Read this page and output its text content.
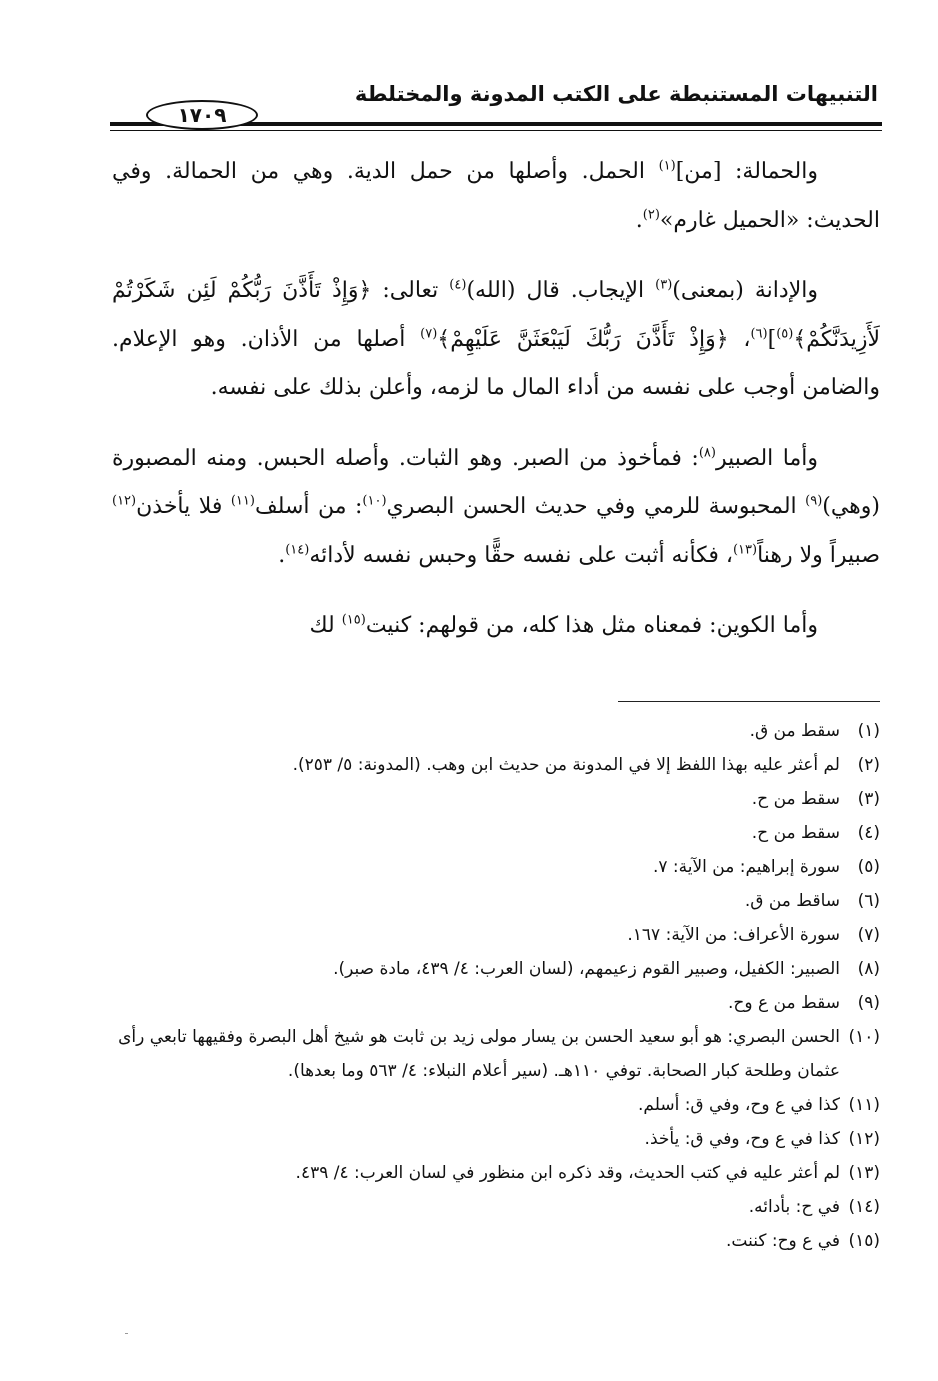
التنبيهات المستنبطة على الكتب المدونة والمختلطة
١٧٠٩

والحمالة: [من]$^{(١)}$ الحمل. وأصلها من حمل الدية. وهي من الحمالة. وفي الحديث: «الحميل غارم»$^{(٢)}$.

والإدانة (بمعنى)$^{(٣)}$ الإيجاب. قال (الله)$^{(٤)}$ تعالى: ﴿وَإِذْ تَأَذَّنَ رَبُّكُمْ لَئِن شَكَرْتُمْ لَأَزِيدَنَّكُمْ﴾$^{(٥)}$]$^{(٦)}$، ﴿وَإِذْ تَأَذَّنَ رَبُّكَ لَيَبْعَثَنَّ عَلَيْهِمْ﴾$^{(٧)}$ أصلها من الأذان. وهو الإعلام. والضامن أوجب على نفسه من أداء المال ما لزمه، وأعلن بذلك على نفسه.

وأما الصبير$^{(٨)}$: فمأخوذ من الصبر. وهو الثبات. وأصله الحبس. ومنه المصبورة (وهي)$^{(٩)}$ المحبوسة للرمي وفي حديث الحسن البصري$^{(١٠)}$: من أسلف$^{(١١)}$ فلا يأخذن$^{(١٢)}$ صبيراً ولا رهناً$^{(١٣)}$، فكأنه أثبت على نفسه حقًّا وحبس نفسه لأدائه$^{(١٤)}$.

وأما الكوين: فمعناه مثل هذا كله، من قولهم: كنيت$^{(١٥)}$ لك

(١)
سقط من ق.
(٢)
لم أعثر عليه بهذا اللفظ إلا في المدونة من حديث ابن وهب. (المدونة: ٥/ ٢٥٣).
(٣)
سقط من ح.
(٤)
سقط من ح.
(٥)
سورة إبراهيم: من الآية: ٧.
(٦)
ساقط من ق.
(٧)
سورة الأعراف: من الآية: ١٦٧.
(٨)
الصبير: الكفيل، وصبير القوم زعيمهم، (لسان العرب: ٤/ ٤٣٩، مادة صبر).
(٩)
سقط من ع وح.
(١٠)
الحسن البصري: هو أبو سعيد الحسن بن يسار مولى زيد بن ثابت هو شيخ أهل البصرة وفقيهها تابعي رأى عثمان وطلحة كبار الصحابة. توفي ١١٠هـ. (سير أعلام النبلاء: ٤/ ٥٦٣ وما بعدها).
(١١)
كذا في ع وح، وفي ق: أسلم.
(١٢)
كذا في ع وح، وفي ق: يأخذ.
(١٣)
لم أعثر عليه في كتب الحديث، وقد ذكره ابن منظور في لسان العرب: ٤/ ٤٣٩.
(١٤)
في ح: بأدائه.
(١٥)
في ع وح: كننت.
